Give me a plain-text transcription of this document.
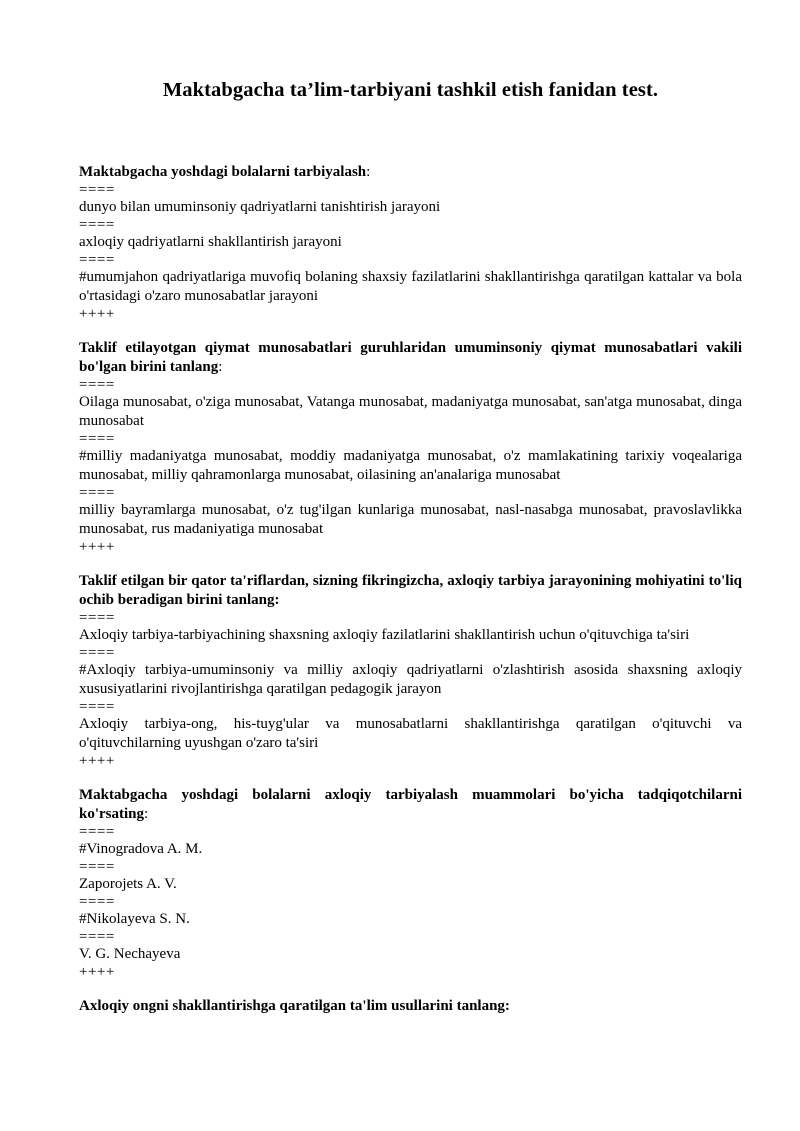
Maktabgacha ta’lim-tarbiyani tashkil etish fanidan test.

Maktabgacha yoshdagi bolalarni tarbiyalash:

====

dunyo bilan umuminsoniy qadriyatlarni tanishtirish jarayoni

====

axloqiy qadriyatlarni shakllantirish jarayoni

====

#umumjahon qadriyatlariga muvofiq bolaning shaxsiy fazilatlarini shakllantirishga qaratilgan kattalar va bola o'rtasidagi o'zaro munosabatlar jarayoni

++++

Taklif etilayotgan qiymat munosabatlari guruhlaridan umuminsoniy qiymat munosabatlari vakili bo'lgan birini tanlang:

====

Oilaga munosabat, o'ziga munosabat, Vatanga munosabat, madaniyatga munosabat, san'atga munosabat, dinga munosabat

====

#milliy madaniyatga munosabat, moddiy madaniyatga munosabat, o'z mamlakatining tarixiy voqealariga munosabat, milliy qahramonlarga munosabat, oilasining an'analariga munosabat

====

milliy bayramlarga munosabat, o'z tug'ilgan kunlariga munosabat, nasl-nasabga munosabat, pravoslavlikka munosabat, rus madaniyatiga munosabat

++++

Taklif etilgan bir qator ta'riflardan, sizning fikringizcha, axloqiy tarbiya jarayonining mohiyatini to'liq ochib beradigan birini tanlang:

====

Axloqiy tarbiya-tarbiyachining shaxsning axloqiy fazilatlarini shakllantirish uchun o'qituvchiga ta'siri

====

#Axloqiy tarbiya-umuminsoniy va milliy axloqiy qadriyatlarni o'zlashtirish asosida shaxsning axloqiy xususiyatlarini rivojlantirishga qaratilgan pedagogik jarayon

====

Axloqiy tarbiya-ong, his-tuyg'ular va munosabatlarni shakllantirishga qaratilgan o'qituvchi va o'qituvchilarning uyushgan o'zaro ta'siri

++++

Maktabgacha yoshdagi bolalarni axloqiy tarbiyalash muammolari bo'yicha tadqiqotchilarni ko'rsating:

====

#Vinogradova A. M.

====

Zaporojets A. V.

====

#Nikolayeva S. N.

====

V. G. Nechayeva

++++

Axloqiy ongni shakllantirishga qaratilgan ta'lim usullarini tanlang:
